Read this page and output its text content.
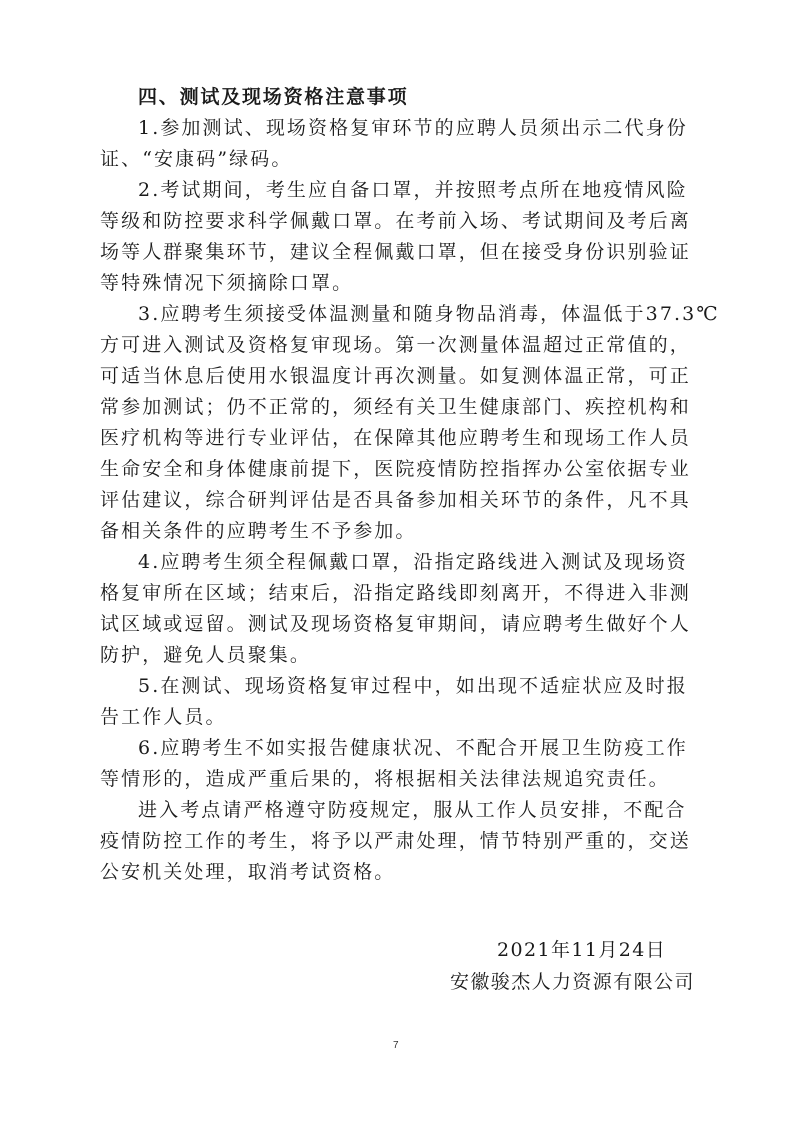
四、测试及现场资格注意事项

1.参加测试、现场资格复审环节的应聘人员须出示二代身份

证、“安康码”绿码。

2.考试期间，考生应自备口罩，并按照考点所在地疫情风险

等级和防控要求科学佩戴口罩。在考前入场、考试期间及考后离

场等人群聚集环节，建议全程佩戴口罩，但在接受身份识别验证

等特殊情况下须摘除口罩。

3.应聘考生须接受体温测量和随身物品消毒，体温低于37.3℃

方可进入测试及资格复审现场。第一次测量体温超过正常值的，

可适当休息后使用水银温度计再次测量。如复测体温正常，可正

常参加测试；仍不正常的，须经有关卫生健康部门、疾控机构和

医疗机构等进行专业评估，在保障其他应聘考生和现场工作人员

生命安全和身体健康前提下，医院疫情防控指挥办公室依据专业

评估建议，综合研判评估是否具备参加相关环节的条件，凡不具

备相关条件的应聘考生不予参加。

4.应聘考生须全程佩戴口罩，沿指定路线进入测试及现场资

格复审所在区域；结束后，沿指定路线即刻离开，不得进入非测

试区域或逗留。测试及现场资格复审期间，请应聘考生做好个人

防护，避免人员聚集。

5.在测试、现场资格复审过程中，如出现不适症状应及时报

告工作人员。

6.应聘考生不如实报告健康状况、不配合开展卫生防疫工作

等情形的，造成严重后果的，将根据相关法律法规追究责任。

进入考点请严格遵守防疫规定，服从工作人员安排，不配合

疫情防控工作的考生，将予以严肃处理，情节特别严重的，交送

公安机关处理，取消考试资格。

2021年11月24日

安徽骏杰人力资源有限公司

7
